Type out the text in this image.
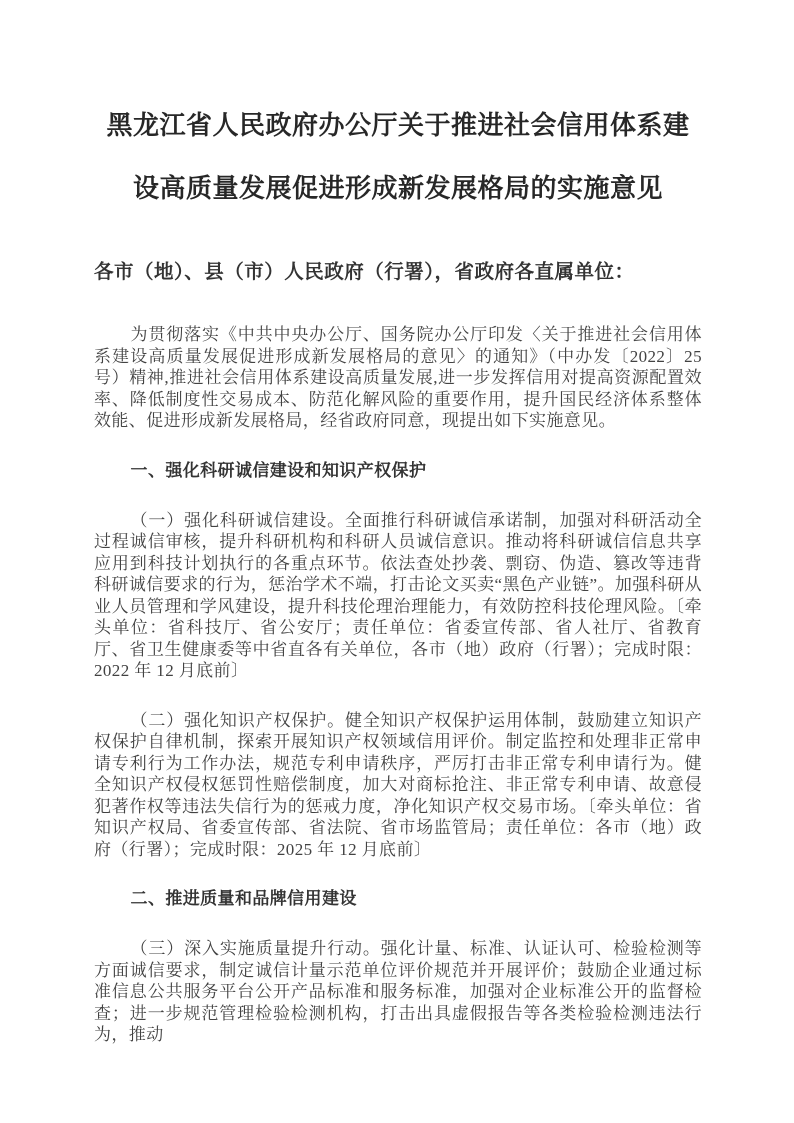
黑龙江省人民政府办公厅关于推进社会信用体系建
设高质量发展促进形成新发展格局的实施意见

各市（地）、县（市）人民政府（行署），省政府各直属单位：

为贯彻落实《中共中央办公厅、国务院办公厅印发〈关于推进社会信用体系建设高质量发展促进形成新发展格局的意见〉的通知》（中办发〔2022〕25 号）精神,推进社会信用体系建设高质量发展,进一步发挥信用对提高资源配置效率、降低制度性交易成本、防范化解风险的重要作用，提升国民经济体系整体效能、促进形成新发展格局，经省政府同意，现提出如下实施意见。

一、强化科研诚信建设和知识产权保护

（一）强化科研诚信建设。全面推行科研诚信承诺制，加强对科研活动全过程诚信审核，提升科研机构和科研人员诚信意识。推动将科研诚信信息共享应用到科技计划执行的各重点环节。依法查处抄袭、剽窃、伪造、篡改等违背科研诚信要求的行为，惩治学术不端，打击论文买卖“黑色产业链”。加强科研从业人员管理和学风建设，提升科技伦理治理能力，有效防控科技伦理风险。〔牵头单位：省科技厅、省公安厅；责任单位：省委宣传部、省人社厅、省教育厅、省卫生健康委等中省直各有关单位，各市（地）政府（行署）；完成时限：2022 年 12 月底前〕

（二）强化知识产权保护。健全知识产权保护运用体制，鼓励建立知识产权保护自律机制，探索开展知识产权领域信用评价。制定监控和处理非正常申请专利行为工作办法，规范专利申请秩序，严厉打击非正常专利申请行为。健全知识产权侵权惩罚性赔偿制度，加大对商标抢注、非正常专利申请、故意侵犯著作权等违法失信行为的惩戒力度，净化知识产权交易市场。〔牵头单位：省知识产权局、省委宣传部、省法院、省市场监管局；责任单位：各市（地）政府（行署）；完成时限：2025 年 12 月底前〕

二、推进质量和品牌信用建设

（三）深入实施质量提升行动。强化计量、标准、认证认可、检验检测等方面诚信要求，制定诚信计量示范单位评价规范并开展评价；鼓励企业通过标准信息公共服务平台公开产品标准和服务标准，加强对企业标准公开的监督检查；进一步规范管理检验检测机构，打击出具虚假报告等各类检验检测违法行为，推动
